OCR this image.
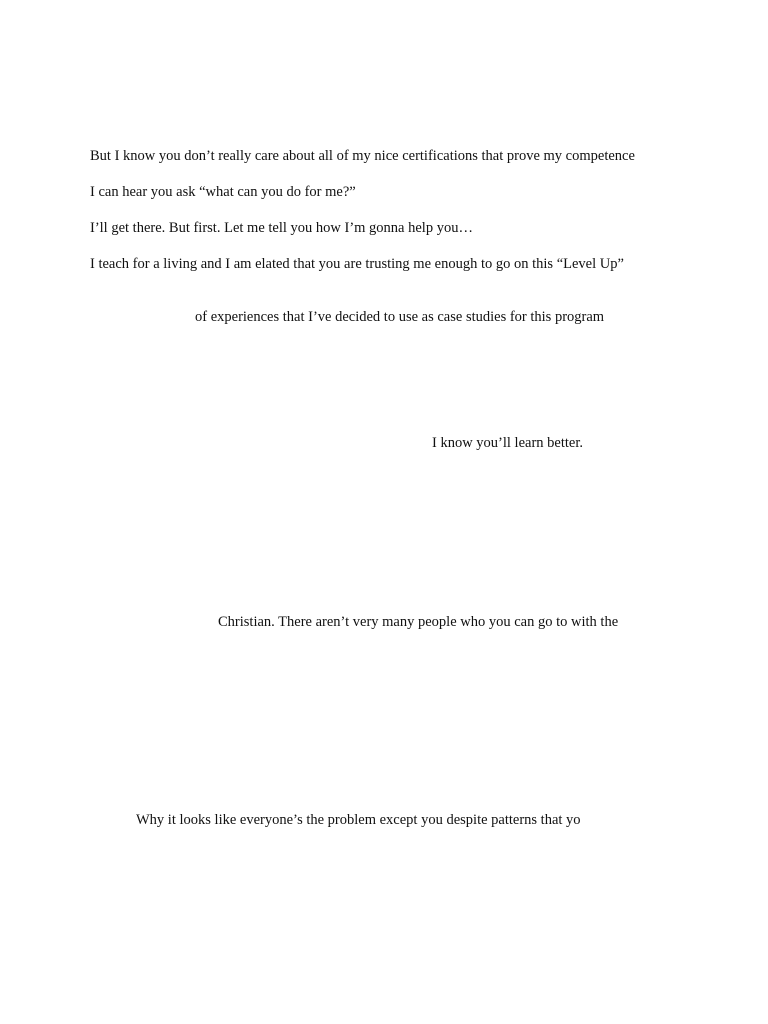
But I know you don’t really care about all of my nice certifications that prove my competence
I can hear you ask “what can you do for me?”
I’ll get there. But first. Let me tell you how I’m gonna help you…
I teach for a living and I am elated that you are trusting me enough to go on this “Level Up”
of experiences that I’ve decided to use as case studies for this program
I know you’ll learn better.
Christian. There aren’t very many people who you can go to with the
Why it looks like everyone’s the problem except you despite patterns that yo
